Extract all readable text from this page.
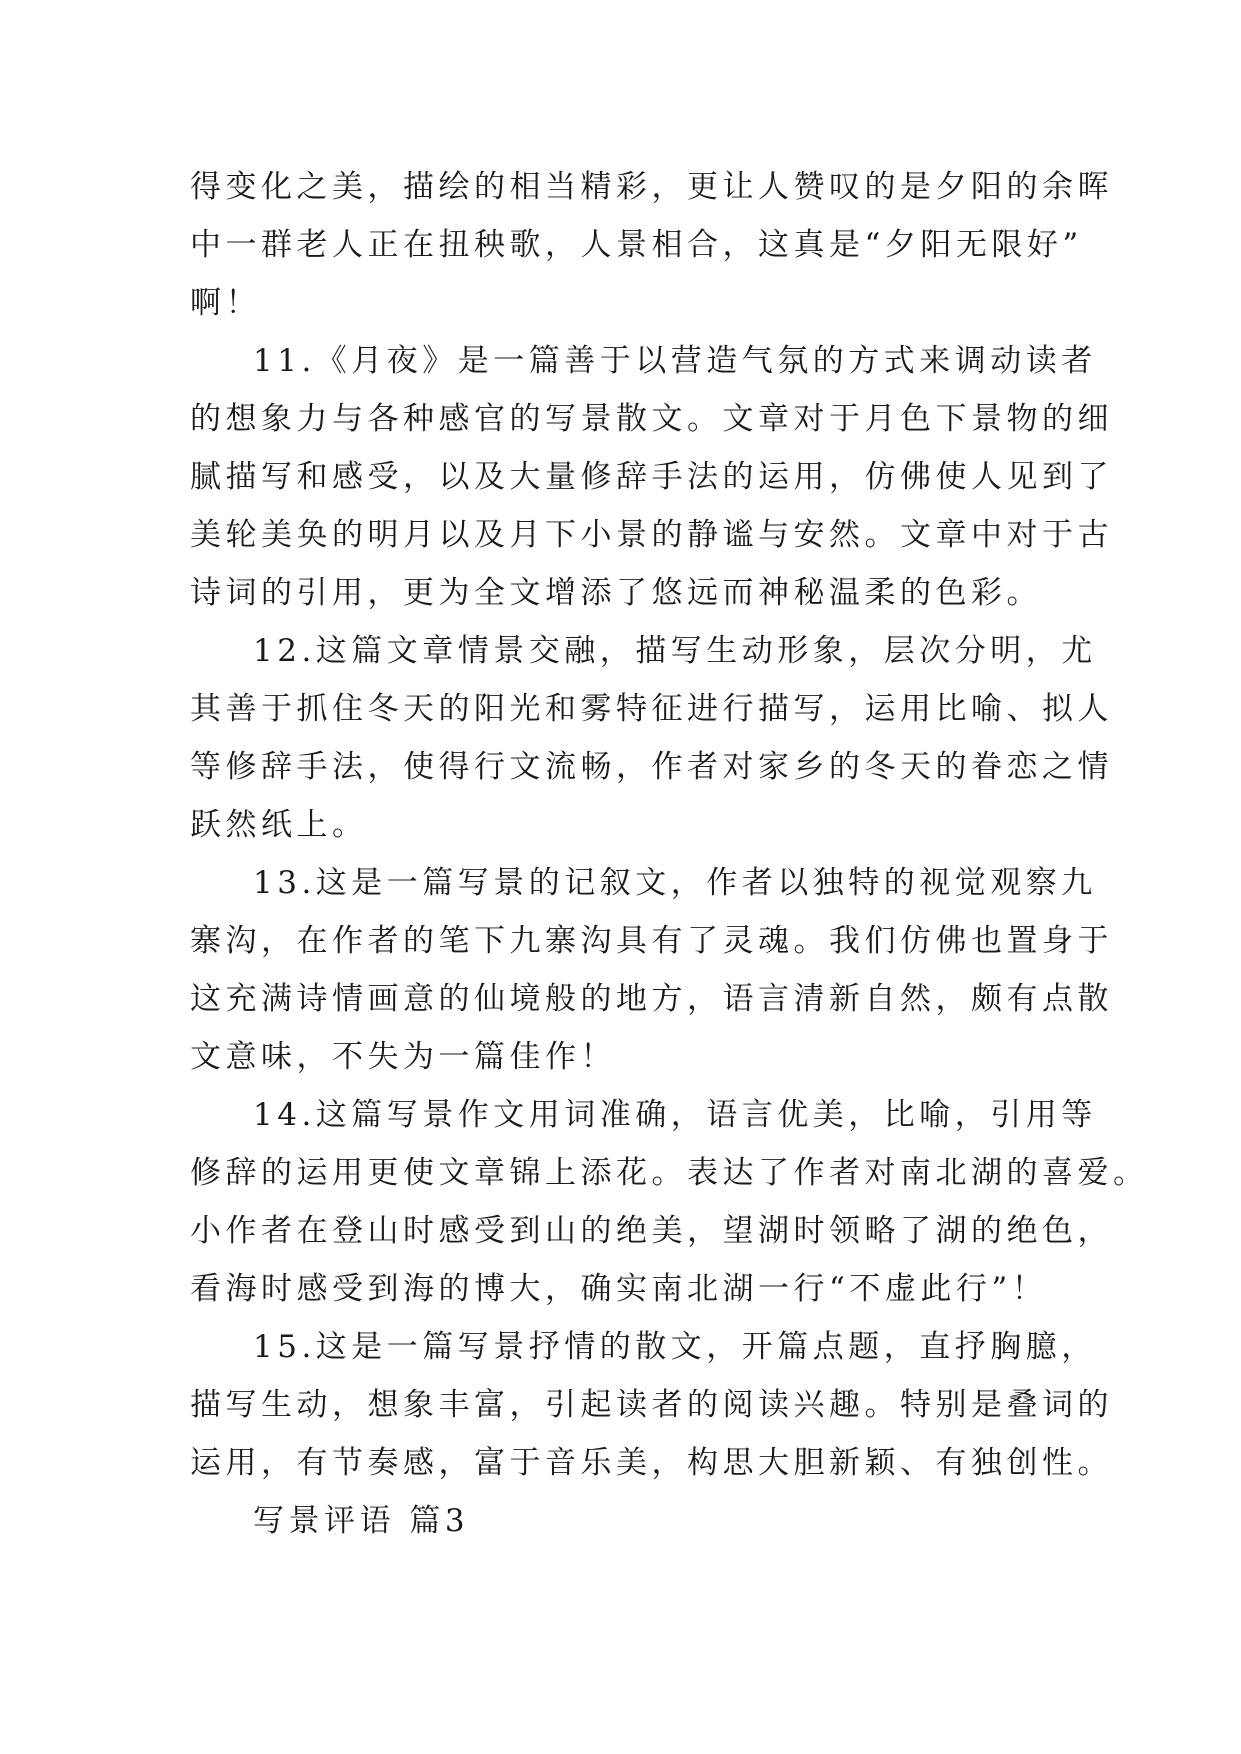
得变化之美，描绘的相当精彩，更让人赞叹的是夕阳的余晖
中一群老人正在扭秧歌，人景相合，这真是“夕阳无限好”
啊！
11.《月夜》是一篇善于以营造气氛的方式来调动读者
的想象力与各种感官的写景散文。文章对于月色下景物的细
腻描写和感受，以及大量修辞手法的运用，仿佛使人见到了
美轮美奂的明月以及月下小景的静谧与安然。文章中对于古
诗词的引用，更为全文增添了悠远而神秘温柔的色彩。
12.这篇文章情景交融，描写生动形象，层次分明，尤
其善于抓住冬天的阳光和雾特征进行描写，运用比喻、拟人
等修辞手法，使得行文流畅，作者对家乡的冬天的眷恋之情
跃然纸上。
13.这是一篇写景的记叙文，作者以独特的视觉观察九
寨沟，在作者的笔下九寨沟具有了灵魂。我们仿佛也置身于
这充满诗情画意的仙境般的地方，语言清新自然，颇有点散
文意味，不失为一篇佳作！
14.这篇写景作文用词准确，语言优美，比喻，引用等
修辞的运用更使文章锦上添花。表达了作者对南北湖的喜爱。
小作者在登山时感受到山的绝美，望湖时领略了湖的绝色，
看海时感受到海的博大，确实南北湖一行“不虚此行”！
15.这是一篇写景抒情的散文，开篇点题，直抒胸臆，
描写生动，想象丰富，引起读者的阅读兴趣。特别是叠词的
运用，有节奏感，富于音乐美，构思大胆新颖、有独创性。
写景评语 篇3
